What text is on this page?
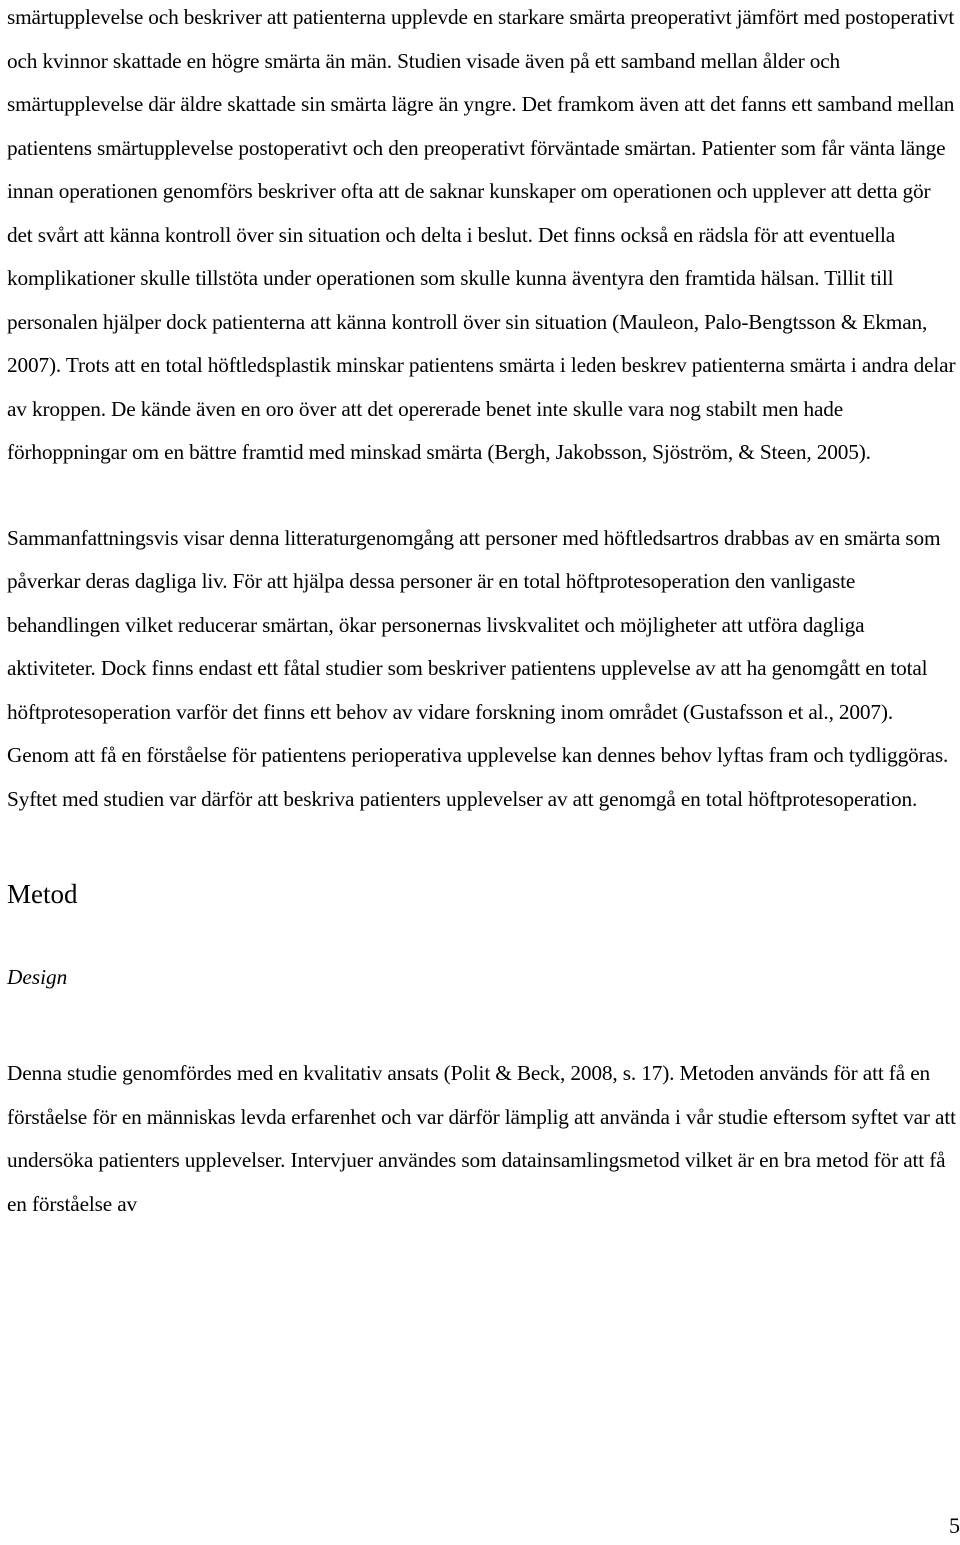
smärtupplevelse och beskriver att patienterna upplevde en starkare smärta preoperativt jämfört med postoperativt och kvinnor skattade en högre smärta än män. Studien visade även på ett samband mellan ålder och smärtupplevelse där äldre skattade sin smärta lägre än yngre. Det framkom även att det fanns ett samband mellan patientens smärtupplevelse postoperativt och den preoperativt förväntade smärtan. Patienter som får vänta länge innan operationen genomförs beskriver ofta att de saknar kunskaper om operationen och upplever att detta gör det svårt att känna kontroll över sin situation och delta i beslut. Det finns också en rädsla för att eventuella komplikationer skulle tillstöta under operationen som skulle kunna äventyra den framtida hälsan. Tillit till personalen hjälper dock patienterna att känna kontroll över sin situation (Mauleon, Palo-Bengtsson & Ekman, 2007). Trots att en total höftledsplastik minskar patientens smärta i leden beskrev patienterna smärta i andra delar av kroppen. De kände även en oro över att det opererade benet inte skulle vara nog stabilt men hade förhoppningar om en bättre framtid med minskad smärta (Bergh, Jakobsson, Sjöström, & Steen, 2005).

Sammanfattningsvis visar denna litteraturgenomgång att personer med höftledsartros drabbas av en smärta som påverkar deras dagliga liv. För att hjälpa dessa personer är en total höftprotesoperation den vanligaste behandlingen vilket reducerar smärtan, ökar personernas livskvalitet och möjligheter att utföra dagliga aktiviteter. Dock finns endast ett fåtal studier som beskriver patientens upplevelse av att ha genomgått en total höftprotesoperation varför det finns ett behov av vidare forskning inom området (Gustafsson et al., 2007). Genom att få en förståelse för patientens perioperativa upplevelse kan dennes behov lyftas fram och tydliggöras. Syftet med studien var därför att beskriva patienters upplevelser av att genomgå en total höftprotesoperation.

Metod
Design

Denna studie genomfördes med en kvalitativ ansats (Polit & Beck, 2008, s. 17). Metoden används för att få en förståelse för en människas levda erfarenhet och var därför lämplig att använda i vår studie eftersom syftet var att undersöka patienters upplevelser. Intervjuer användes som datainsamlingsmetod vilket är en bra metod för att få en förståelse av

5
